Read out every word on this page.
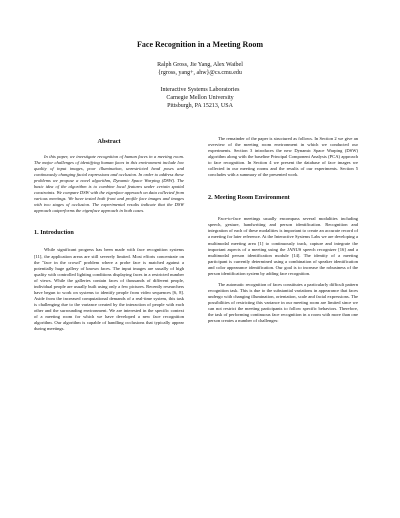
Face Recognition in a Meeting Room
Ralph Gross, Jie Yang, Alex Waibel
{rgross, yang+, ahw}@cs.cmu.edu
Interactive Systems Laboratories
Carnegie Mellon University
Pittsburgh, PA 15213, USA
Abstract

In this paper, we investigate recognition of human faces in a meeting room. The major challenges of identifying human faces in this environment include low quality of input images, poor illumination, unrestricted head poses and continuously changing facial expressions and occlusion. In order to address these problems we propose a novel algorithm, Dynamic Space Warping (DSW). The basic idea of the algorithm is to combine local features under certain spatial constraints. We compare DSW with the eigenface approach on data collected from various meetings. We have tested both front and profile face images and images with two stages of occlusion. The experimental results indicate that the DSW approach outperforms the eigenface approach in both cases.

1. Introduction

While significant progress has been made with face recognition systems [11], the application areas are still severely limited. Most efforts concentrate on the "face in the crowd" problem where a probe face is matched against a potentially huge gallery of known faces. The input images are usually of high quality with controlled lighting conditions displaying faces in a restricted number of views. While the galleries contain faces of thousands of different people, individual people are usually built using only a few pictures. Recently researchers have begun to work on systems to identify people from video sequences [6, 8]. Aside from the increased computational demands of a real-time system, this task is challenging due to the variance created by the interaction of people with each other and the surrounding environment. We are interested in the specific context of a meeting room for which we have developed a new face recognition algorithm. Our algorithm is capable of handling occlusions that typically appear during meetings.

The remainder of the paper is structured as follows. In Section 2 we give an overview of the meeting room environment in which we conducted our experiments. Section 3 introduces the new Dynamic Space Warping (DSW) algorithm along with the baseline Principal Component Analysis (PCA) approach to face recognition. In Section 4 we present the database of face images we collected in our meeting rooms and the results of our experiments. Section 5 concludes with a summary of the presented work.

2. Meeting Room Environment

Face-to-face meetings usually encompass several modalities including speech, gesture, handwriting and person identification. Recognition and integration of each of these modalities is important to create an accurate record of a meeting for later reference. At the Interactive Systems Labs we are developing a multimodal meeting area [1] to continuously track, capture and integrate the important aspects of a meeting using the JANUS speech recognizer [16] and a multimodal person identification module [14]. The identity of a meeting participant is currently determined using a combination of speaker identification and color appearance identification. Our goal is to increase the robustness of the person identification system by adding face recognition.

The automatic recognition of faces constitutes a particularly difficult pattern recognition task. This is due to the substantial variations in appearance that faces undergo with changing illumination, orientation, scale and facial expressions. The possibilities of restricting this variance in our meeting room are limited since we can not restrict the meeting participants to follow specific behaviors. Therefore, the task of performing continuous face recognition in a room with more than one person creates a number of challenges:
